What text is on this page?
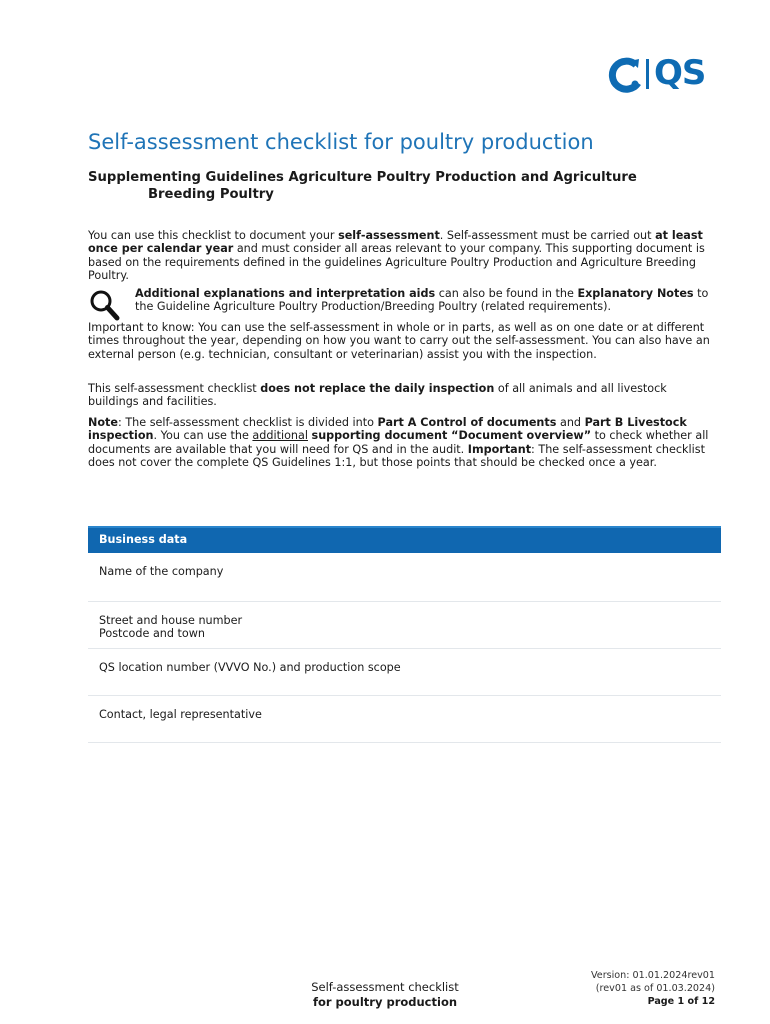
QS
Self-assessment checklist for poultry production
Supplementing Guidelines Agriculture Poultry Production and Agriculture
Breeding Poultry

You can use this checklist to document your self-assessment. Self-assessment must be carried out at least once per calendar year and must consider all areas relevant to your company. This supporting document is based on the requirements defined in the guidelines Agriculture Poultry Production and Agriculture Breeding Poultry.

Additional explanations and interpretation aids can also be found in the Explanatory Notes to the Guideline Agriculture Poultry Production/Breeding Poultry (related requirements).

Important to know: You can use the self-assessment in whole or in parts, as well as on one date or at different times throughout the year, depending on how you want to carry out the self-assessment. You can also have an external person (e.g. technician, consultant or veterinarian) assist you with the inspection.

This self-assessment checklist does not replace the daily inspection of all animals and all livestock buildings and facilities.

Note: The self-assessment checklist is divided into Part A Control of documents and Part B Livestock inspection. You can use the additional supporting document “Document overview” to check whether all documents are available that you will need for QS and in the audit. Important: The self-assessment checklist does not cover the complete QS Guidelines 1:1, but those points that should be checked once a year.

Business data
Name of the company
Street and house number
Postcode and town
QS location number (VVVO No.) and production scope
Contact, legal representative
Self-assessment checklist
for poultry production
Version: 01.01.2024rev01
(rev01 as of 01.03.2024)
Page 1 of 12
